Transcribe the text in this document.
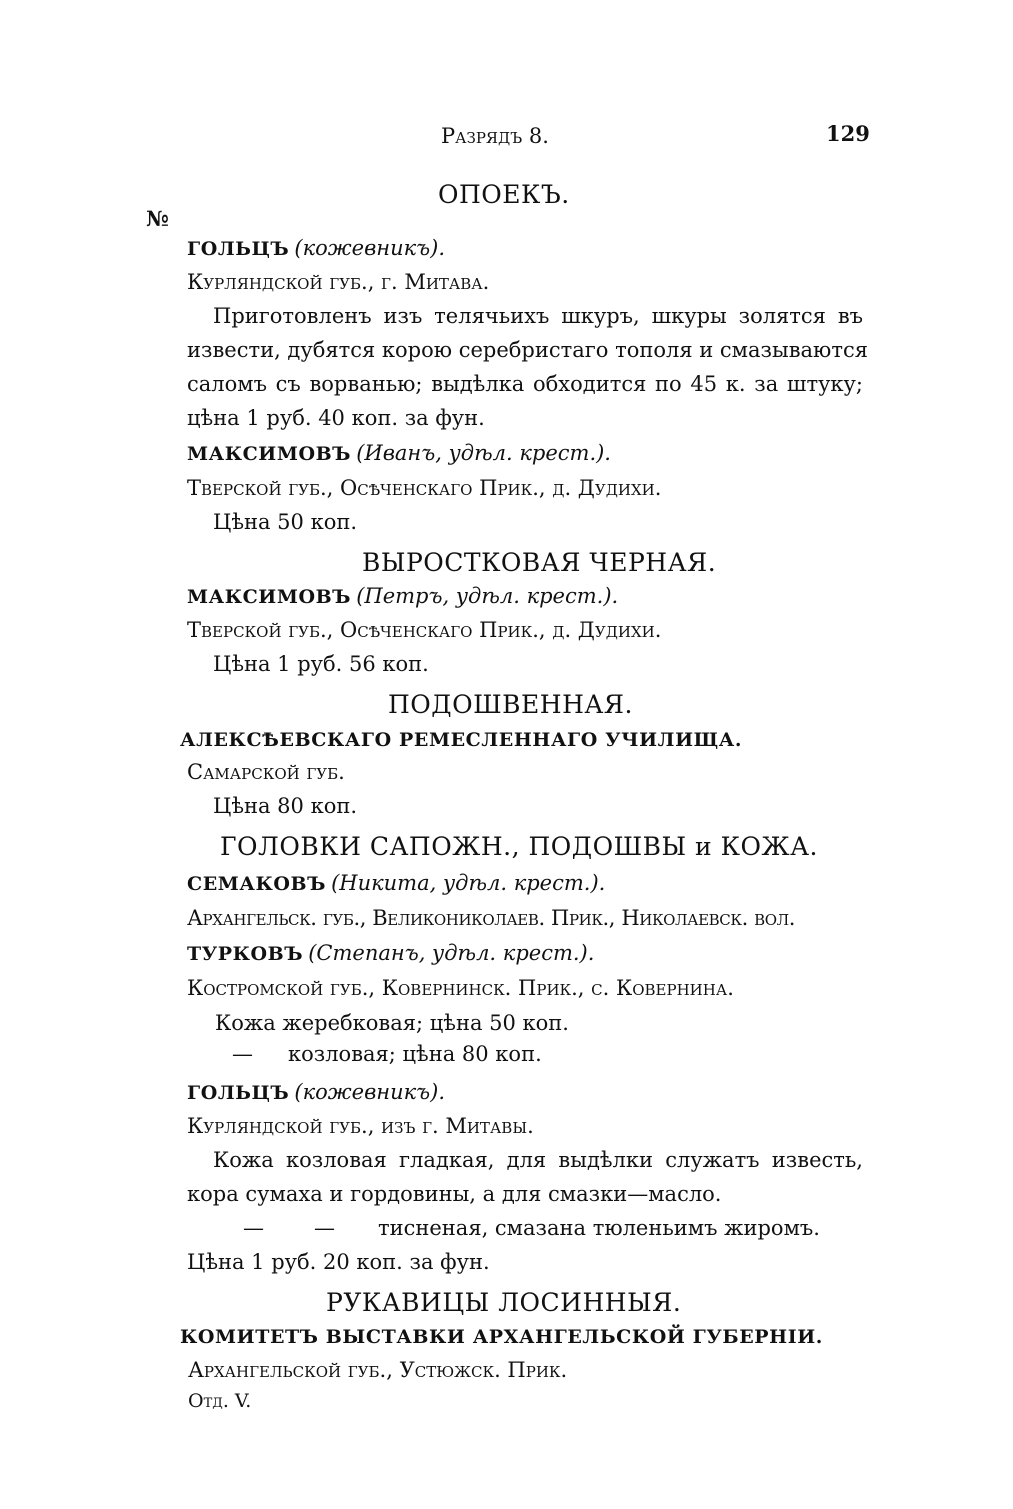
Разрядъ 8.	129
ОПОЕКЪ.
№
ГОЛЬЦЪ (кожевникъ).
Курляндской губ., г. Митава.
Приготовленъ изъ телячьихъ шкуръ, шкуры золятся въ
извести, дубятся корою серебристаго тополя и смазываются
саломъ съ ворванью; выдѣлка обходится по 45 к. за штуку;
цѣна 1 руб. 40 коп. за фун.
МАКСИМОВЪ (Иванъ, удѣл. крест.).
Тверской губ., Осѣченскаго Прик., д. Дудихи.
Цѣна 50 коп.
ВЫРОСТКОВАЯ ЧЕРНАЯ.
МАКСИМОВЪ (Петръ, удѣл. крест.).
Тверской губ., Осѣченскаго Прик., д. Дудихи.
Цѣна 1 руб. 56 коп.
ПОДОШВЕННАЯ.
АЛЕКСѢЕВСКАГО РЕМЕСЛЕННАГО УЧИЛИЩА.
Самарской губ.
Цѣна 80 коп.
ГОЛОВКИ САПОЖН., ПОДОШВЫ и КОЖА.
СЕМАКОВЪ (Никита, удѣл. крест.).
Архангельск. губ., Великониколаев. Прик., Николаевск. вол.
ТУРКОВЪ (Степанъ, удѣл. крест.).
Костромской губ., Ковернинск. Прик., с. Ковернина.
Кожа жеребковая; цѣна 50 коп.
— козловая; цѣна 80 коп.
ГОЛЬЦЪ (кожевникъ).
Курляндской губ., изъ г. Митавы.
Кожа козловая гладкая, для выдѣлки служатъ известь,
кора сумаха и гордовины, а для смазки—масло.
— — тисненая, смазана тюленьимъ жиромъ.
Цѣна 1 руб. 20 коп. за фун.
РУКАВИЦЫ ЛОСИННЫЯ.
КОМИТЕТЪ ВЫСТАВКИ АРХАНГЕЛЬСКОЙ ГУБЕРНІИ.
Архангельской губ., Устюжск. Прик.
Отд. V.
